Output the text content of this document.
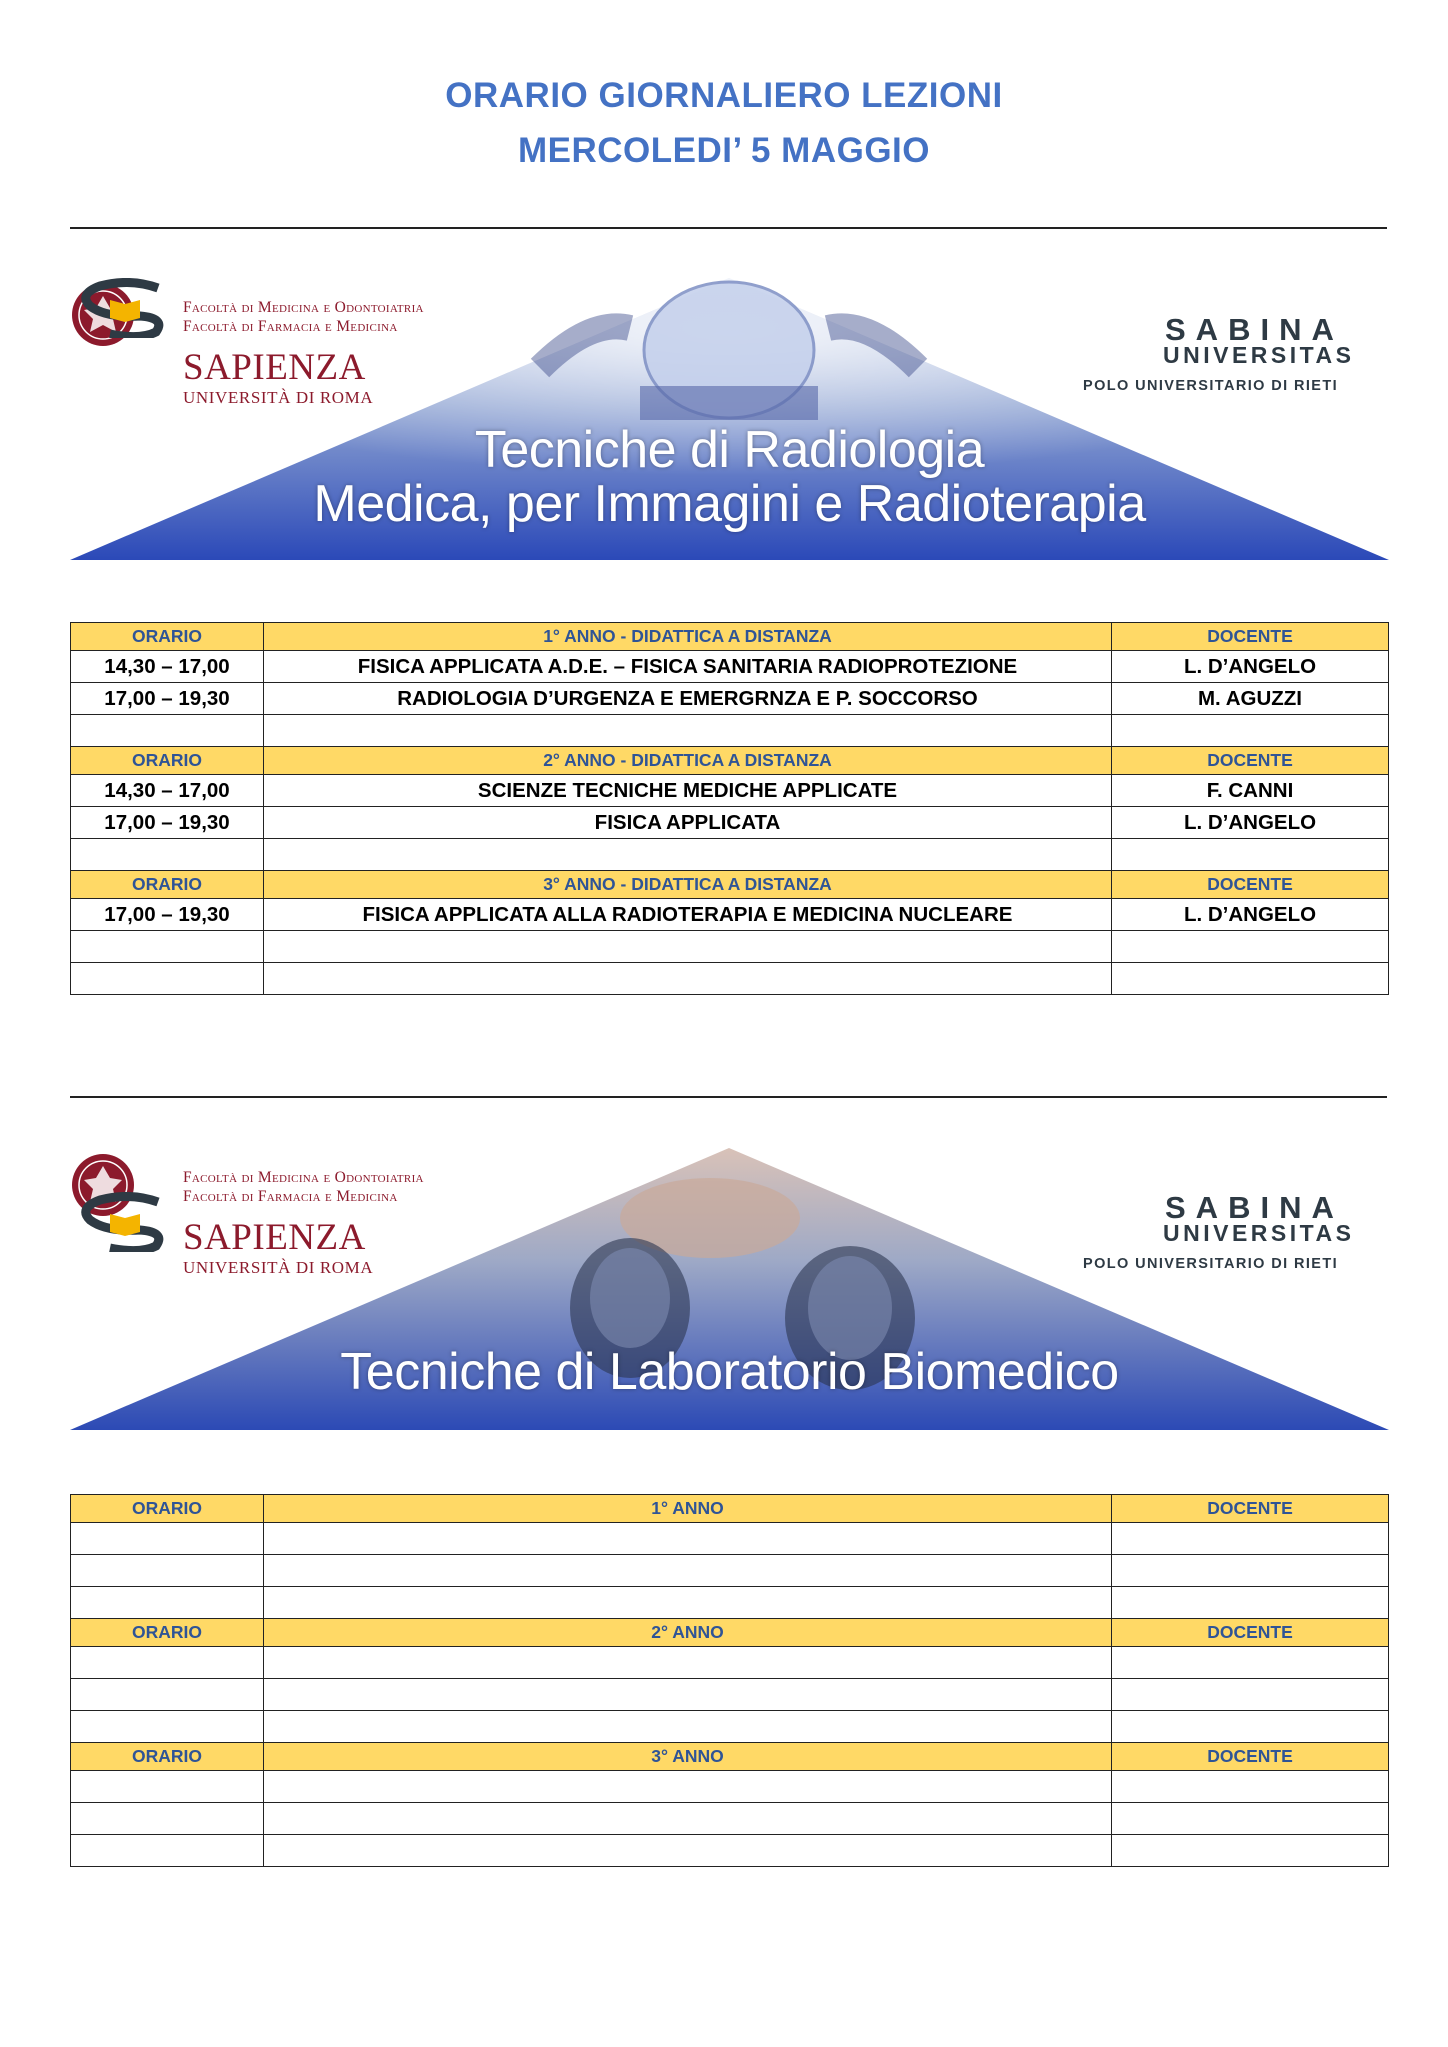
ORARIO GIORNALIERO LEZIONI
MERCOLEDI’ 5 MAGGIO
Facoltà di Medicina e Odontoiatria
Facoltà di Farmacia e Medicina
SAPIENZA
UNIVERSITÀ DI ROMA
SABINA
UNIVERSITAS
POLO UNIVERSITARIO DI RIETI
Tecniche di Radiologia
Medica, per Immagini e Radioterapia
ORARIO	1° ANNO - DIDATTICA A DISTANZA	DOCENTE
14,30 – 17,00	FISICA APPLICATA A.D.E. – FISICA SANITARIA RADIOPROTEZIONE	L. D’ANGELO
17,00 – 19,30	RADIOLOGIA D’URGENZA E EMERGRNZA E P. SOCCORSO	M. AGUZZI

ORARIO	2° ANNO - DIDATTICA A DISTANZA	DOCENTE
14,30 – 17,00	SCIENZE TECNICHE MEDICHE APPLICATE	F. CANNI
17,00 – 19,30	FISICA APPLICATA	L. D’ANGELO

ORARIO	3° ANNO - DIDATTICA A DISTANZA	DOCENTE
17,00 – 19,30	FISICA APPLICATA ALLA RADIOTERAPIA E MEDICINA NUCLEARE	L. D’ANGELO

Facoltà di Medicina e Odontoiatria
Facoltà di Farmacia e Medicina
SAPIENZA
UNIVERSITÀ DI ROMA
SABINA
UNIVERSITAS
POLO UNIVERSITARIO DI RIETI
Tecniche di Laboratorio Biomedico
ORARIO	1° ANNO	DOCENTE

ORARIO	2° ANNO	DOCENTE

ORARIO	3° ANNO	DOCENTE
